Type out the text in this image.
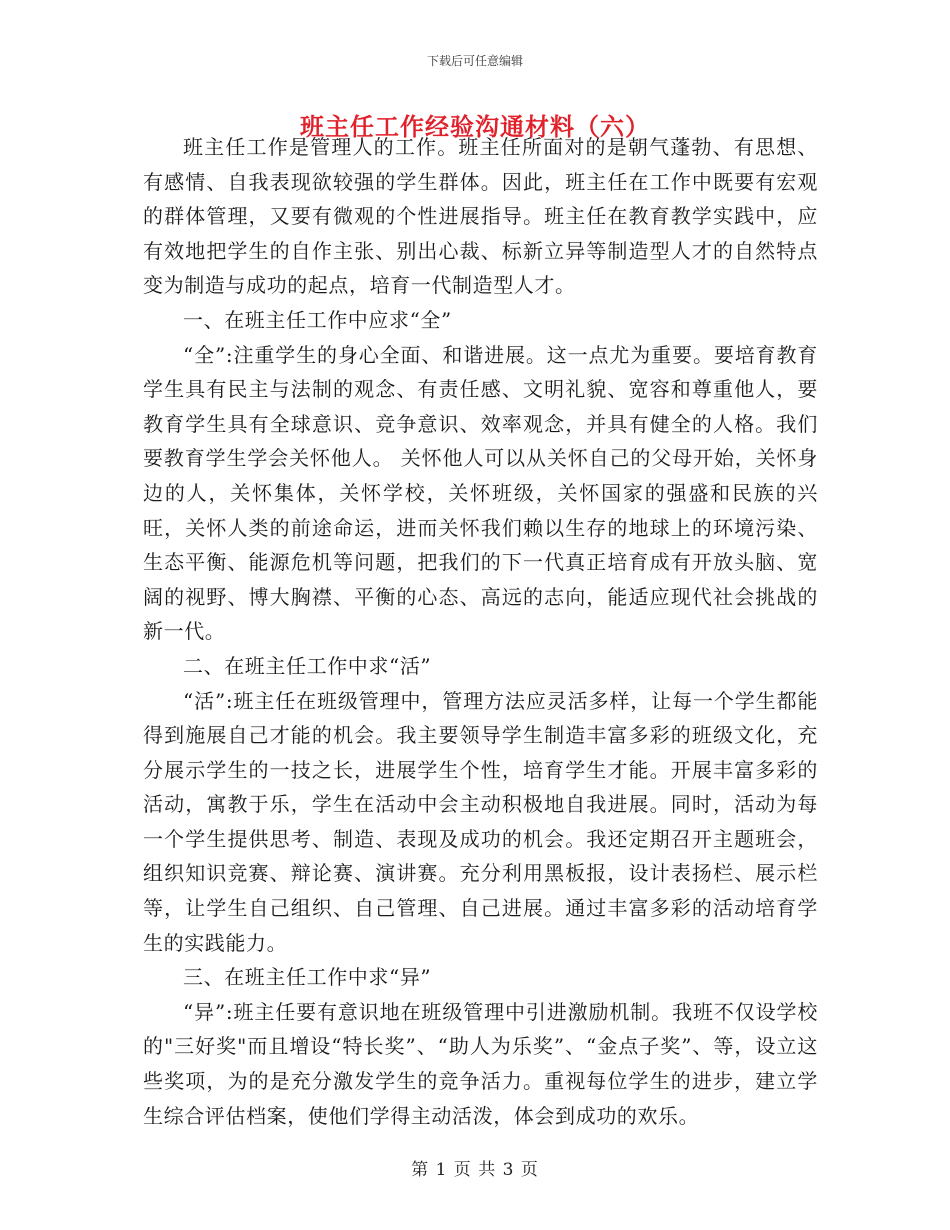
下载后可任意编辑
班主任工作经验沟通材料（六）

班主任工作是管理人的工作。班主任所面对的是朝气蓬勃、有思想、有感情、自我表现欲较强的学生群体。因此，班主任在工作中既要有宏观的群体管理，又要有微观的个性进展指导。班主任在教育教学实践中，应有效地把学生的自作主张、别出心裁、标新立异等制造型人才的自然特点变为制造与成功的起点，培育一代制造型人才。

一、在班主任工作中应求“全”

“全”:注重学生的身心全面、和谐进展。这一点尤为重要。要培育教育学生具有民主与法制的观念、有责任感、文明礼貌、宽容和尊重他人，要教育学生具有全球意识、竞争意识、效率观念，并具有健全的人格。我们要教育学生学会关怀他人。 关怀他人可以从关怀自己的父母开始，关怀身边的人，关怀集体，关怀学校，关怀班级，关怀国家的强盛和民族的兴旺，关怀人类的前途命运，进而关怀我们赖以生存的地球上的环境污染、生态平衡、能源危机等问题，把我们的下一代真正培育成有开放头脑、宽阔的视野、博大胸襟、平衡的心态、高远的志向，能适应现代社会挑战的新一代。

二、在班主任工作中求“活”

“活”:班主任在班级管理中，管理方法应灵活多样，让每一个学生都能得到施展自己才能的机会。我主要领导学生制造丰富多彩的班级文化，充分展示学生的一技之长，进展学生个性，培育学生才能。开展丰富多彩的活动，寓教于乐，学生在活动中会主动积极地自我进展。同时，活动为每一个学生提供思考、制造、表现及成功的机会。我还定期召开主题班会，组织知识竞赛、辩论赛、演讲赛。充分利用黑板报，设计表扬栏、展示栏等，让学生自己组织、自己管理、自己进展。通过丰富多彩的活动培育学生的实践能力。

三、在班主任工作中求“异”

“异”:班主任要有意识地在班级管理中引进激励机制。我班不仅设学校的"三好奖"而且增设“特长奖”、“助人为乐奖”、“金点子奖”、等，设立这些奖项，为的是充分激发学生的竞争活力。重视每位学生的进步，建立学生综合评估档案，使他们学得主动活泼，体会到成功的欢乐。

第 1 页 共 3 页
